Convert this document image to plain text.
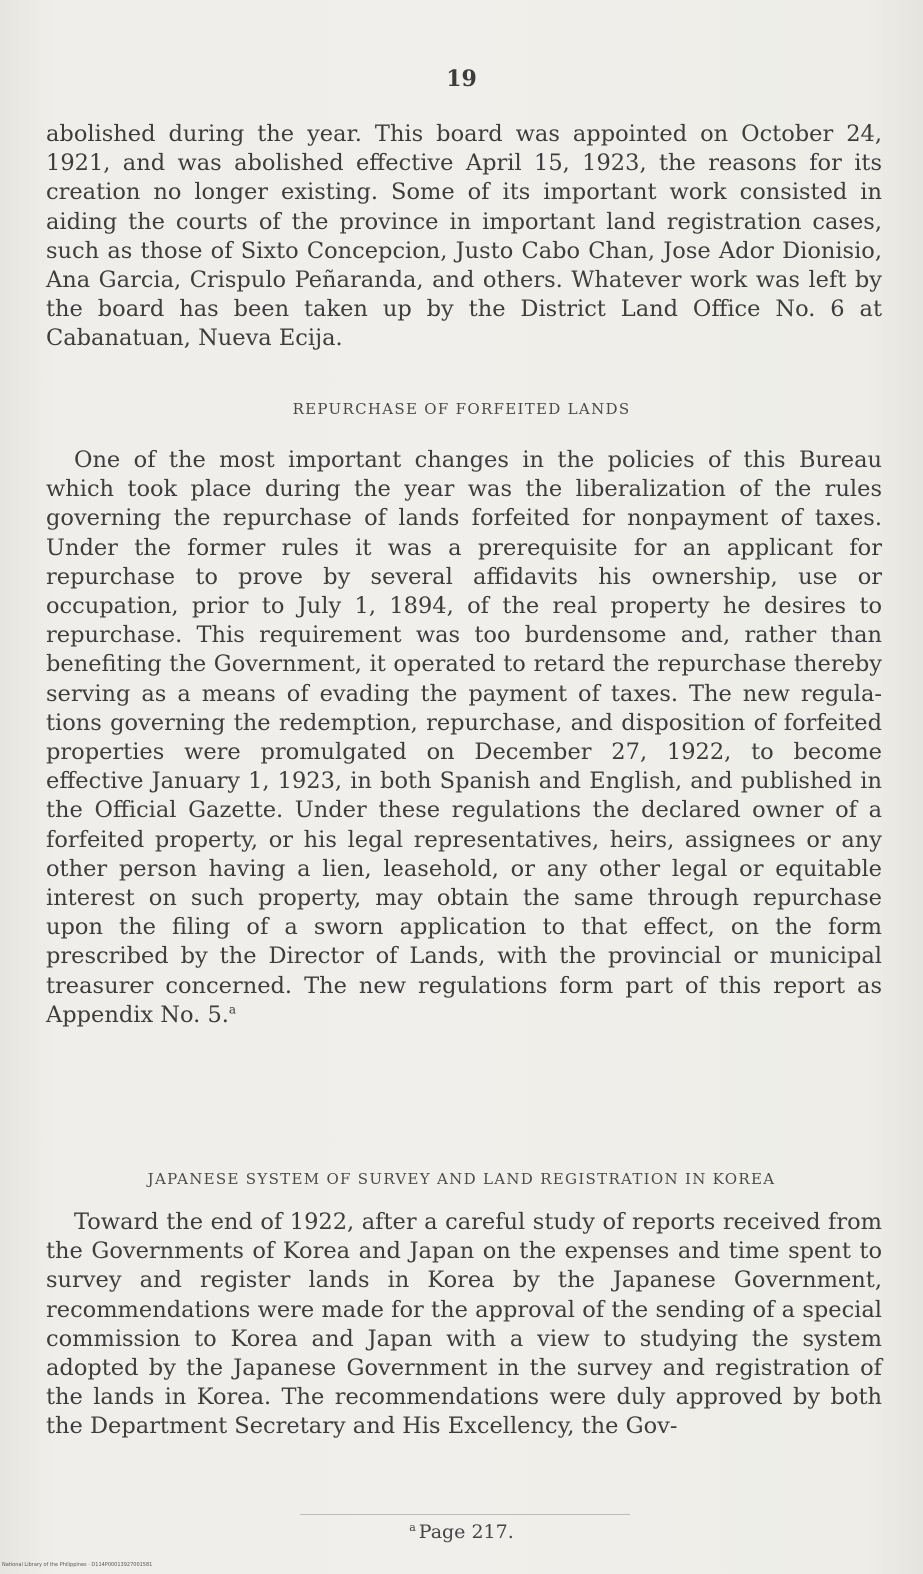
19

abolished during the year. This board was appointed on October 24, 1921, and was abolished effective April 15, 1923, the reasons for its creation no longer existing. Some of its important work consisted in aiding the courts of the province in important land registration cases, such as those of Sixto Concepcion, Justo Cabo Chan, Jose Ador Dionisio, Ana Garcia, Crispulo Peñaranda, and others. Whatever work was left by the board has been taken up by the District Land Office No. 6 at Cabanatuan, Nueva Ecija.

REPURCHASE OF FORFEITED LANDS

One of the most important changes in the policies of this Bureau which took place during the year was the liberalization of the rules governing the repurchase of lands forfeited for nonpayment of taxes. Under the former rules it was a prerequisite for an applicant for repurchase to prove by several affidavits his ownership, use or occupation, prior to July 1, 1894, of the real property he desires to repurchase. This requirement was too burdensome and, rather than benefiting the Government, it operated to retard the repurchase thereby serving as a means of evading the payment of taxes. The new regulations governing the redemption, repurchase, and disposition of forfeited properties were promulgated on December 27, 1922, to become effective January 1, 1923, in both Spanish and English, and published in the Official Gazette. Under these regulations the declared owner of a forfeited property, or his legal representatives, heirs, assignees or any other person having a lien, leasehold, or any other legal or equitable interest on such property, may obtain the same through repurchase upon the filing of a sworn application to that effect, on the form prescribed by the Director of Lands, with the provincial or municipal treasurer concerned. The new regulations form part of this report as Appendix No. 5.$^a$

JAPANESE SYSTEM OF SURVEY AND LAND REGISTRATION IN KOREA

Toward the end of 1922, after a careful study of reports received from the Governments of Korea and Japan on the expenses and time spent to survey and register lands in Korea by the Japanese Government, recommendations were made for the approval of the sending of a special commission to Korea and Japan with a view to studying the system adopted by the Japanese Government in the survey and registration of the lands in Korea. The recommendations were duly approved by both the Department Secretary and His Excellency, the Gov-

$^a$ Page 217.
National Library of the Philippines · D114P00013927001581
